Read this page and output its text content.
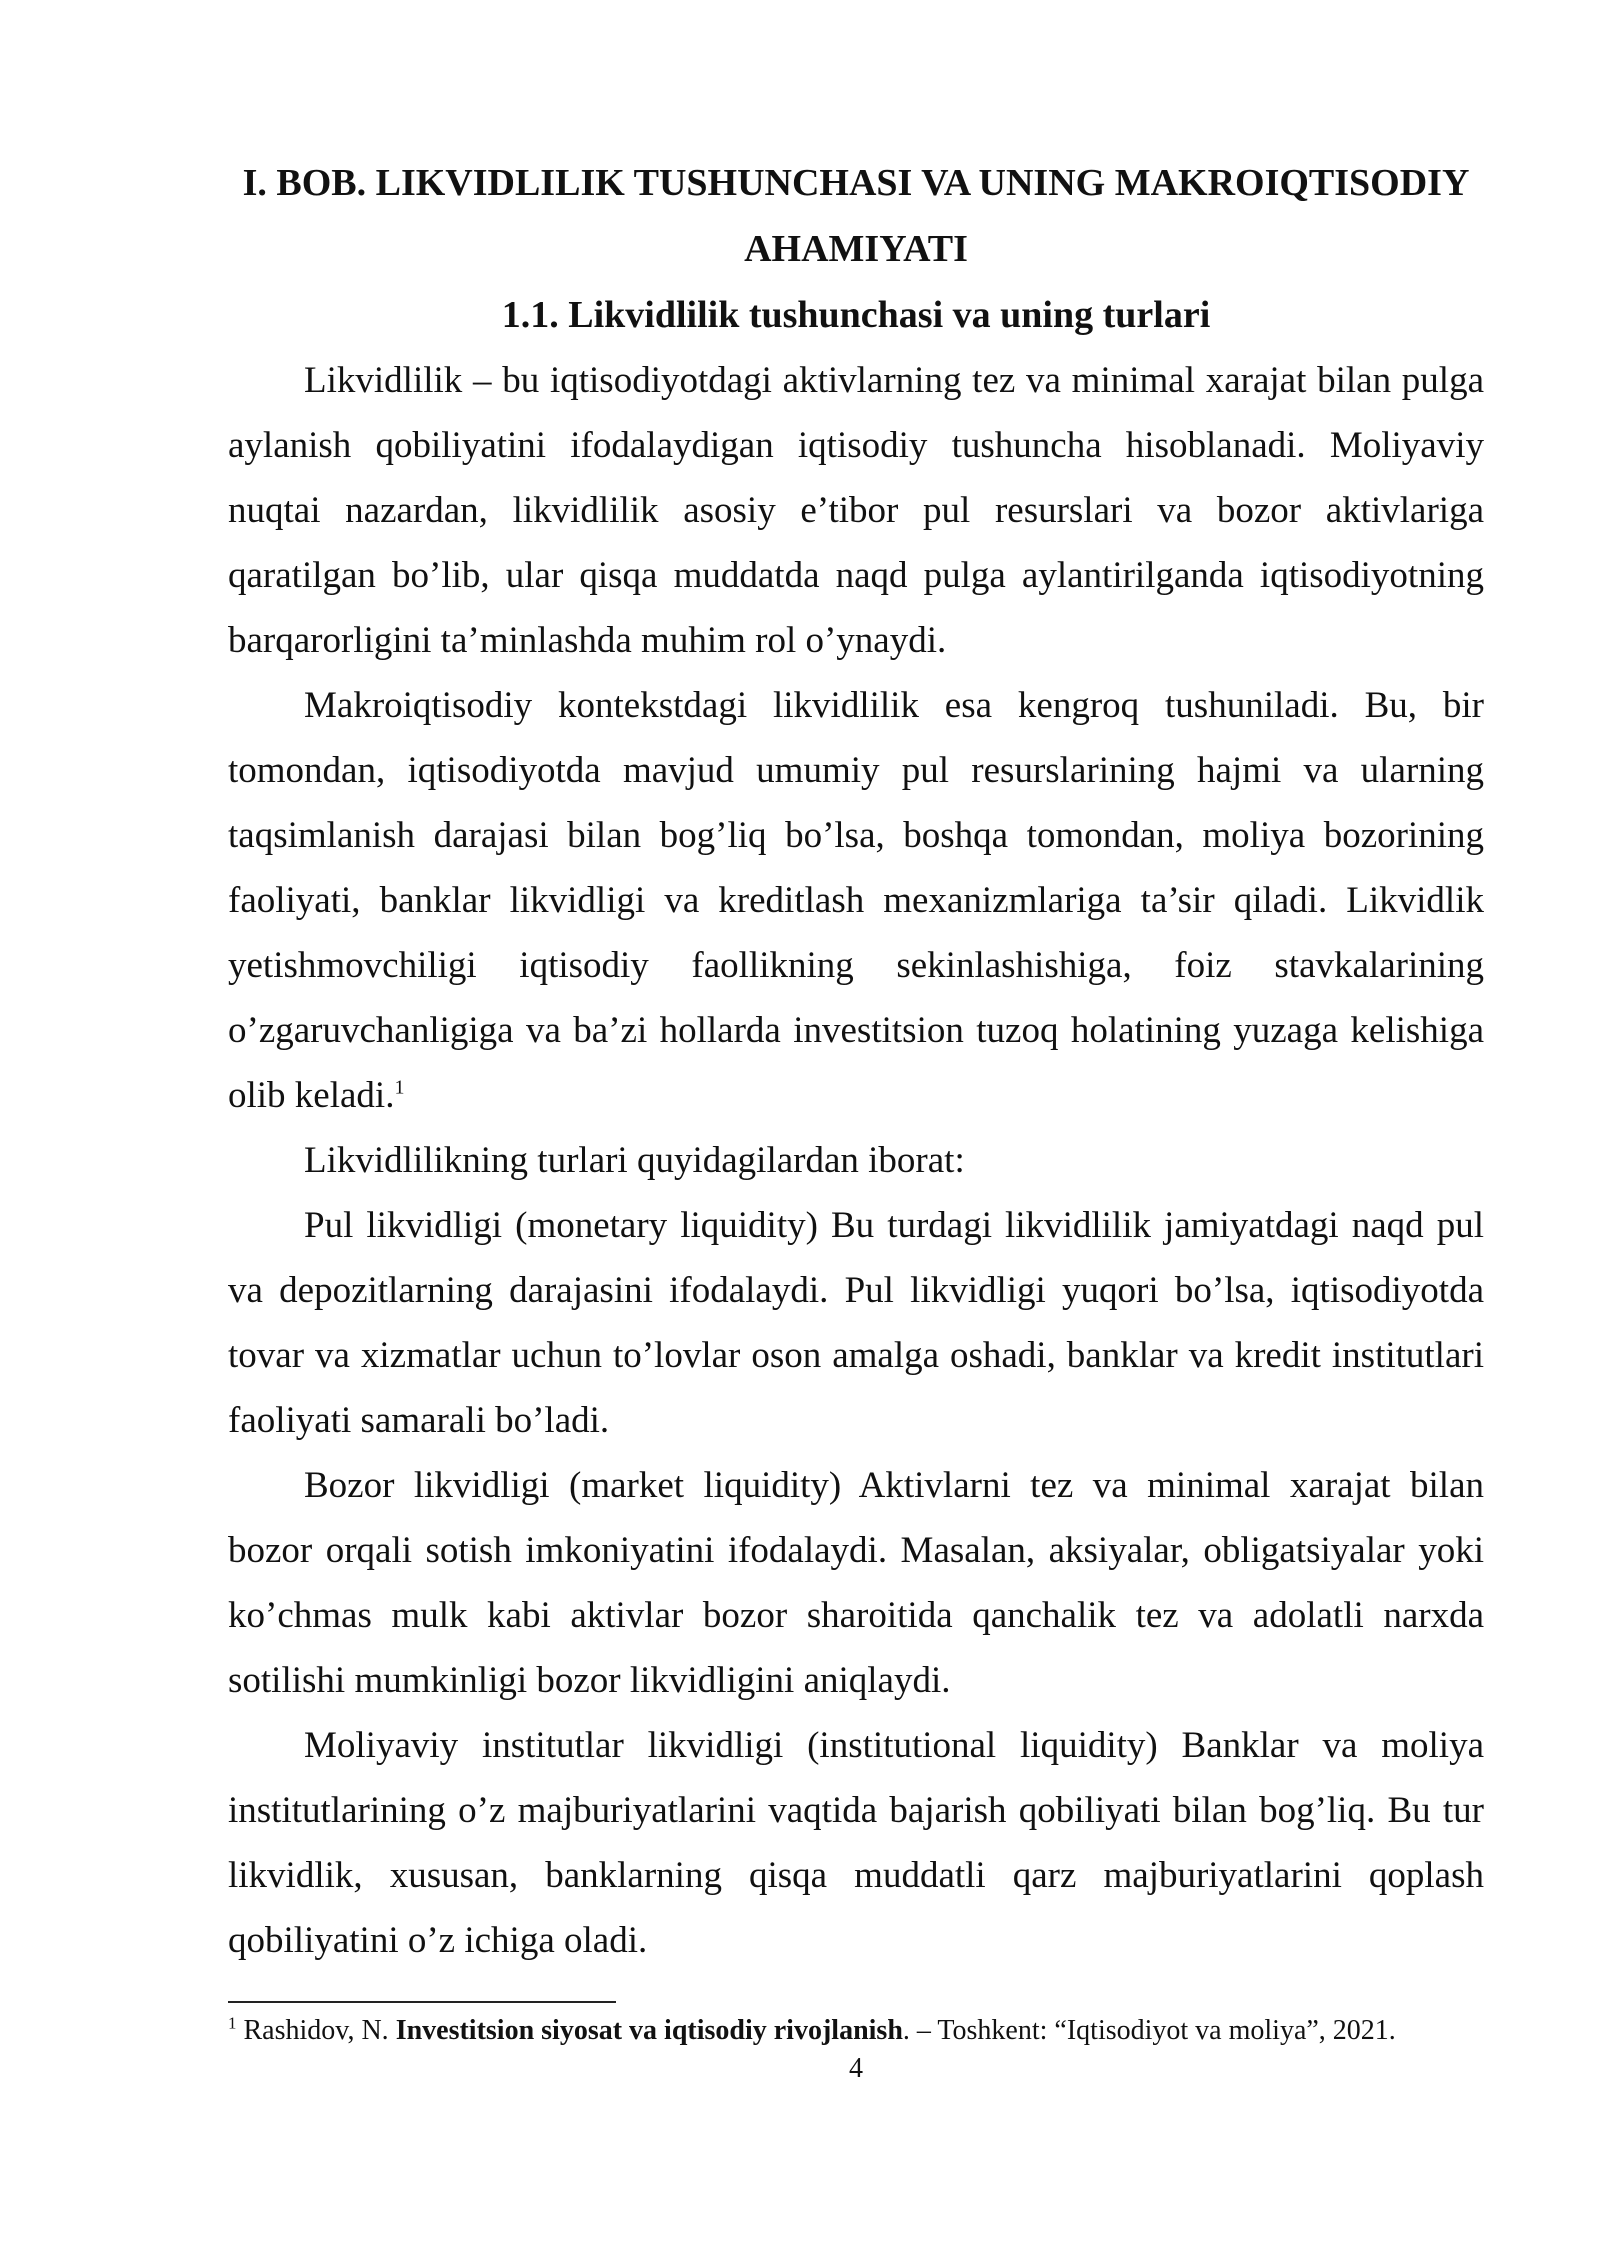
I. BOB. LIKVIDLILIK TUSHUNCHASI VA UNING MAKROIQTISODIY
AHAMIYATI
1.1. Likvidlilik tushunchasi va uning turlari

Likvidlilik – bu iqtisodiyotdagi aktivlarning tez va minimal xarajat bilan pulga aylanish qobiliyatini ifodalaydigan iqtisodiy tushuncha hisoblanadi. Moliyaviy nuqtai nazardan, likvidlilik asosiy e’tibor pul resurslari va bozor aktivlariga qaratilgan bo’lib, ular qisqa muddatda naqd pulga aylantirilganda iqtisodiyotning barqarorligini ta’minlashda muhim rol o’ynaydi.

Makroiqtisodiy kontekstdagi likvidlilik esa kengroq tushuniladi. Bu, bir tomondan, iqtisodiyotda mavjud umumiy pul resurslarining hajmi va ularning taqsimlanish darajasi bilan bog’liq bo’lsa, boshqa tomondan, moliya bozorining faoliyati, banklar likvidligi va kreditlash mexanizmlariga ta’sir qiladi. Likvidlik yetishmovchiligi iqtisodiy faollikning sekinlashishiga, foiz stavkalarining o’zgaruvchanligiga va ba’zi hollarda investitsion tuzoq holatining yuzaga kelishiga olib keladi.$^1$

Likvidlilikning turlari quyidagilardan iborat:

Pul likvidligi (monetary liquidity) Bu turdagi likvidlilik jamiyatdagi naqd pul va depozitlarning darajasini ifodalaydi. Pul likvidligi yuqori bo’lsa, iqtisodiyotda tovar va xizmatlar uchun to’lovlar oson amalga oshadi, banklar va kredit institutlari faoliyati samarali bo’ladi.

Bozor likvidligi (market liquidity) Aktivlarni tez va minimal xarajat bilan bozor orqali sotish imkoniyatini ifodalaydi. Masalan, aksiyalar, obligatsiyalar yoki ko’chmas mulk kabi aktivlar bozor sharoitida qanchalik tez va adolatli narxda sotilishi mumkinligi bozor likvidligini aniqlaydi.

Moliyaviy institutlar likvidligi (institutional liquidity) Banklar va moliya institutlarining o’z majburiyatlarini vaqtida bajarish qobiliyati bilan bog’liq. Bu tur likvidlik, xususan, banklarning qisqa muddatli qarz majburiyatlarini qoplash qobiliyatini o’z ichiga oladi.

$^1$ Rashidov, N. Investitsion siyosat va iqtisodiy rivojlanish. – Toshkent: “Iqtisodiyot va moliya”, 2021.

4
